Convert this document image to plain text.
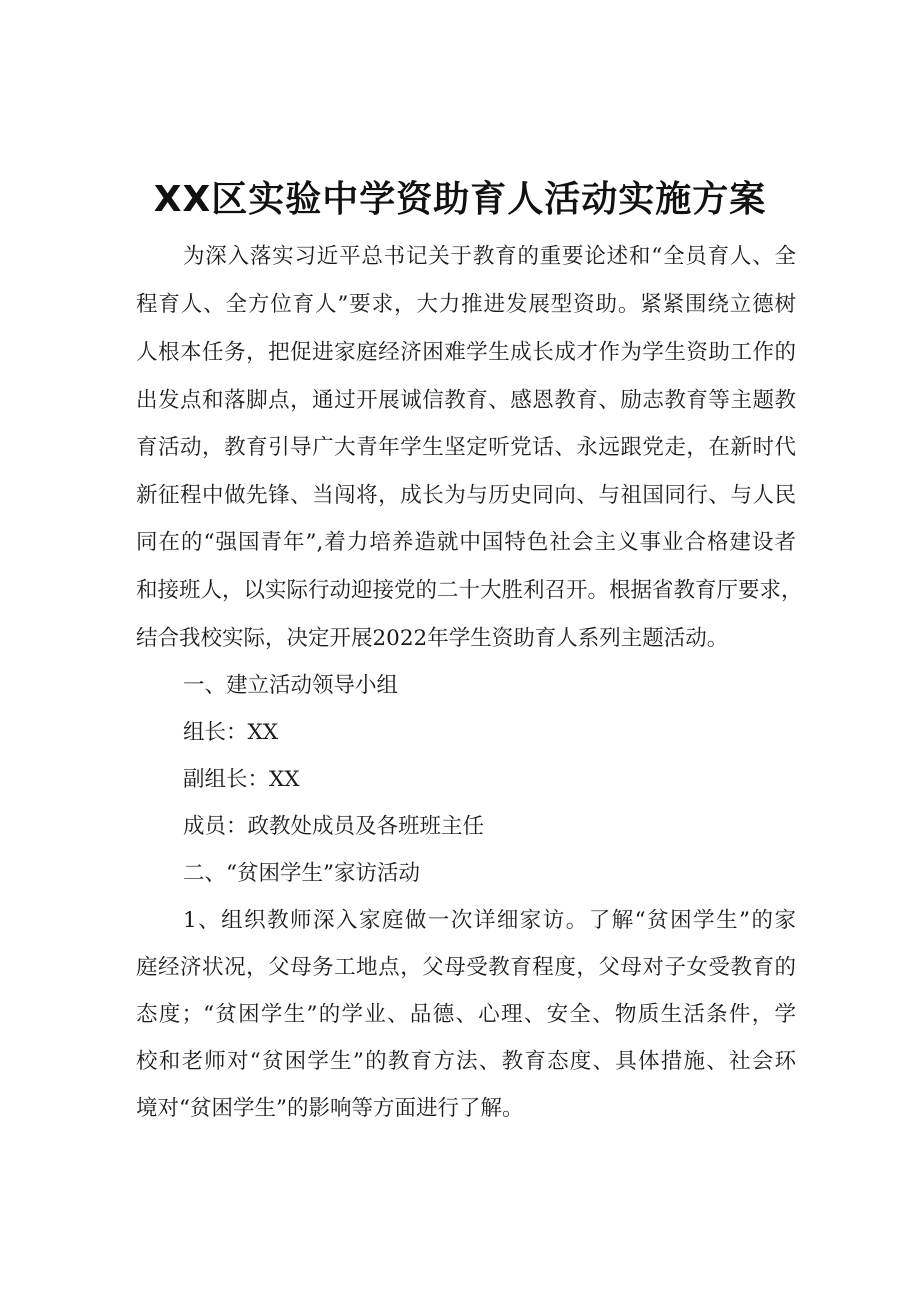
XX区实验中学资助育人活动实施方案
为深入落实习近平总书记关于教育的重要论述和“全员育人、全
程育人、全方位育人”要求，大力推进发展型资助。紧紧围绕立德树
人根本任务，把促进家庭经济困难学生成长成才作为学生资助工作的
出发点和落脚点，通过开展诚信教育、感恩教育、励志教育等主题教
育活动，教育引导广大青年学生坚定听党话、永远跟党走，在新时代
新征程中做先锋、当闯将，成长为与历史同向、与祖国同行、与人民
同在的“强国青年”,着力培养造就中国特色社会主义事业合格建设者
和接班人，以实际行动迎接党的二十大胜利召开。根据省教育厅要求，
结合我校实际，决定开展2022年学生资助育人系列主题活动。
一、建立活动领导小组
组长：XX
副组长：XX
成员：政教处成员及各班班主任
二、“贫困学生”家访活动
1、组织教师深入家庭做一次详细家访。了解“贫困学生”的家
庭经济状况，父母务工地点，父母受教育程度，父母对子女受教育的
态度；“贫困学生”的学业、品德、心理、安全、物质生活条件，学
校和老师对“贫困学生”的教育方法、教育态度、具体措施、社会环
境对“贫困学生”的影响等方面进行了解。
